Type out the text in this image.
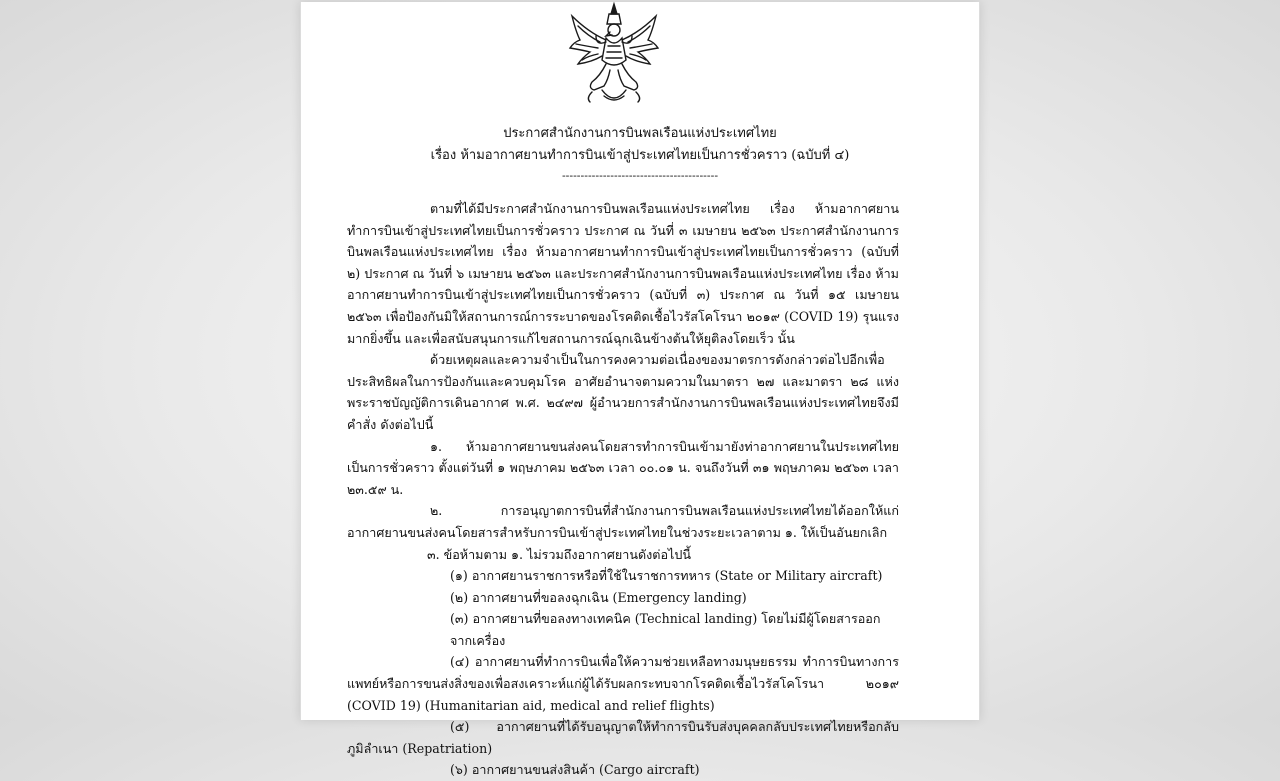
ประกาศสำนักงานการบินพลเรือนแห่งประเทศไทย
เรื่อง ห้ามอากาศยานทำการบินเข้าสู่ประเทศไทยเป็นการชั่วคราว (ฉบับที่ ๔)
------------------------------------------

ตามที่ได้มีประกาศสำนักงานการบินพลเรือนแห่งประเทศไทย เรื่อง ห้ามอากาศยานทำการบินเข้าสู่ประเทศไทยเป็นการชั่วคราว ประกาศ ณ วันที่ ๓ เมษายน ๒๕๖๓ ประกาศสำนักงานการบินพลเรือนแห่งประเทศไทย เรื่อง ห้ามอากาศยานทำการบินเข้าสู่ประเทศไทยเป็นการชั่วคราว (ฉบับที่ ๒) ประกาศ ณ วันที่ ๖ เมษายน ๒๕๖๓ และประกาศสำนักงานการบินพลเรือนแห่งประเทศไทย เรื่อง ห้ามอากาศยานทำการบินเข้าสู่ประเทศไทยเป็นการชั่วคราว (ฉบับที่ ๓) ประกาศ ณ วันที่ ๑๕ เมษายน ๒๕๖๓ เพื่อป้องกันมิให้สถานการณ์การระบาดของโรคติดเชื้อไวรัสโคโรนา ๒๐๑๙ (COVID 19) รุนแรงมากยิ่งขึ้น และเพื่อสนับสนุนการแก้ไขสถานการณ์ฉุกเฉินข้างต้นให้ยุติลงโดยเร็ว นั้น

ด้วยเหตุผลและความจำเป็นในการคงความต่อเนื่องของมาตรการดังกล่าวต่อไปอีกเพื่อประสิทธิผลในการป้องกันและควบคุมโรค อาศัยอำนาจตามความในมาตรา ๒๗ และมาตรา ๒๘ แห่งพระราชบัญญัติการเดินอากาศ พ.ศ. ๒๔๙๗ ผู้อำนวยการสำนักงานการบินพลเรือนแห่งประเทศไทยจึงมีคำสั่ง ดังต่อไปนี้

๑. ห้ามอากาศยานขนส่งคนโดยสารทำการบินเข้ามายังท่าอากาศยานในประเทศไทยเป็นการชั่วคราว ตั้งแต่วันที่ ๑ พฤษภาคม ๒๕๖๓ เวลา ๐๐.๐๑ น. จนถึงวันที่ ๓๑ พฤษภาคม ๒๕๖๓ เวลา ๒๓.๕๙ น.

๒. การอนุญาตการบินที่สำนักงานการบินพลเรือนแห่งประเทศไทยได้ออกให้แก่อากาศยานขนส่งคนโดยสารสำหรับการบินเข้าสู่ประเทศไทยในช่วงระยะเวลาตาม ๑. ให้เป็นอันยกเลิก

๓. ข้อห้ามตาม ๑. ไม่รวมถึงอากาศยานดังต่อไปนี้

(๑) อากาศยานราชการหรือที่ใช้ในราชการทหาร (State or Military aircraft)

(๒) อากาศยานที่ขอลงฉุกเฉิน (Emergency landing)

(๓) อากาศยานที่ขอลงทางเทคนิค (Technical landing) โดยไม่มีผู้โดยสารออกจากเครื่อง

(๔) อากาศยานที่ทำการบินเพื่อให้ความช่วยเหลือทางมนุษยธรรม ทำการบินทางการแพทย์หรือการขนส่งสิ่งของเพื่อสงเคราะห์แก่ผู้ได้รับผลกระทบจากโรคติดเชื้อไวรัสโคโรนา ๒๐๑๙ (COVID 19) (Humanitarian aid, medical and relief flights)

(๕) อากาศยานที่ได้รับอนุญาตให้ทำการบินรับส่งบุคคลกลับประเทศไทยหรือกลับภูมิลำเนา (Repatriation)

(๖) อากาศยานขนส่งสินค้า (Cargo aircraft)
